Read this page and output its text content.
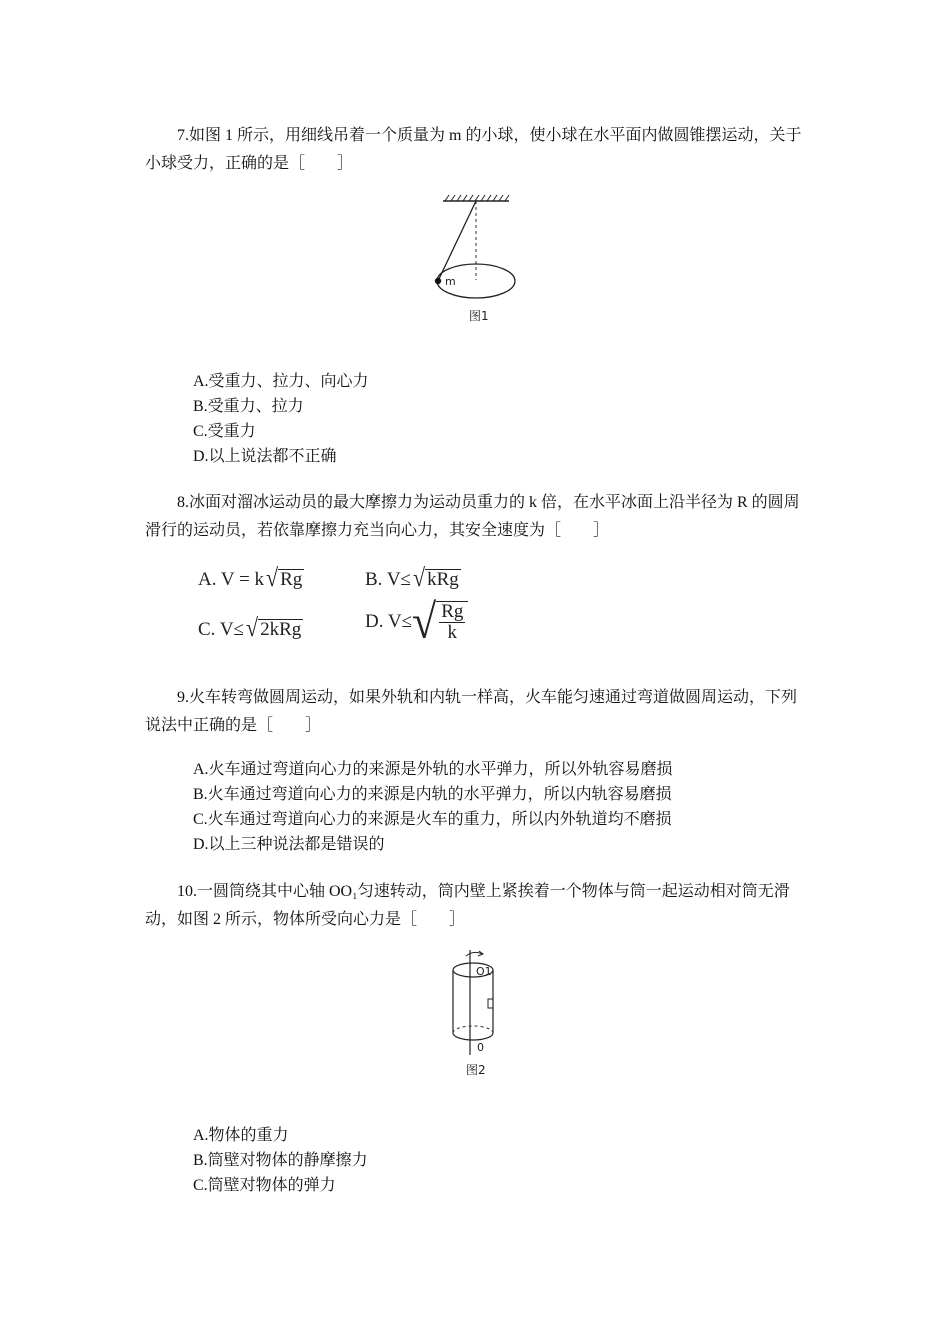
7.如图 1 所示，用细线吊着一个质量为 m 的小球，使小球在水平面内做圆锥摆运动，关于小球受力，正确的是［　　］

m
图1

A.受重力、拉力、向心力

B.受重力、拉力

C.受重力

D.以上说法都不正确

8.冰面对溜冰运动员的最大摩擦力为运动员重力的 k 倍，在水平冰面上沿半径为 R 的圆周滑行的运动员，若依靠摩擦力充当向心力，其安全速度为［　　］

A. V = k√ Rg	B. V≤√ kRg
C. V≤√ 2kRg	D. $V\le√ \frac{Rg}{k}$

9.火车转弯做圆周运动，如果外轨和内轨一样高，火车能匀速通过弯道做圆周运动，下列说法中正确的是［　　］

A.火车通过弯道向心力的来源是外轨的水平弹力，所以外轨容易磨损

B.火车通过弯道向心力的来源是内轨的水平弹力，所以内轨容易磨损

C.火车通过弯道向心力的来源是火车的重力，所以内外轨道均不磨损

D.以上三种说法都是错误的

10.一圆筒绕其中心轴 OO₁匀速转动，筒内壁上紧挨着一个物体与筒一起运动相对筒无滑动，如图 2 所示，物体所受向心力是［　　］

O1
0
图2

A.物体的重力

B.筒壁对物体的静摩擦力

C.筒壁对物体的弹力
